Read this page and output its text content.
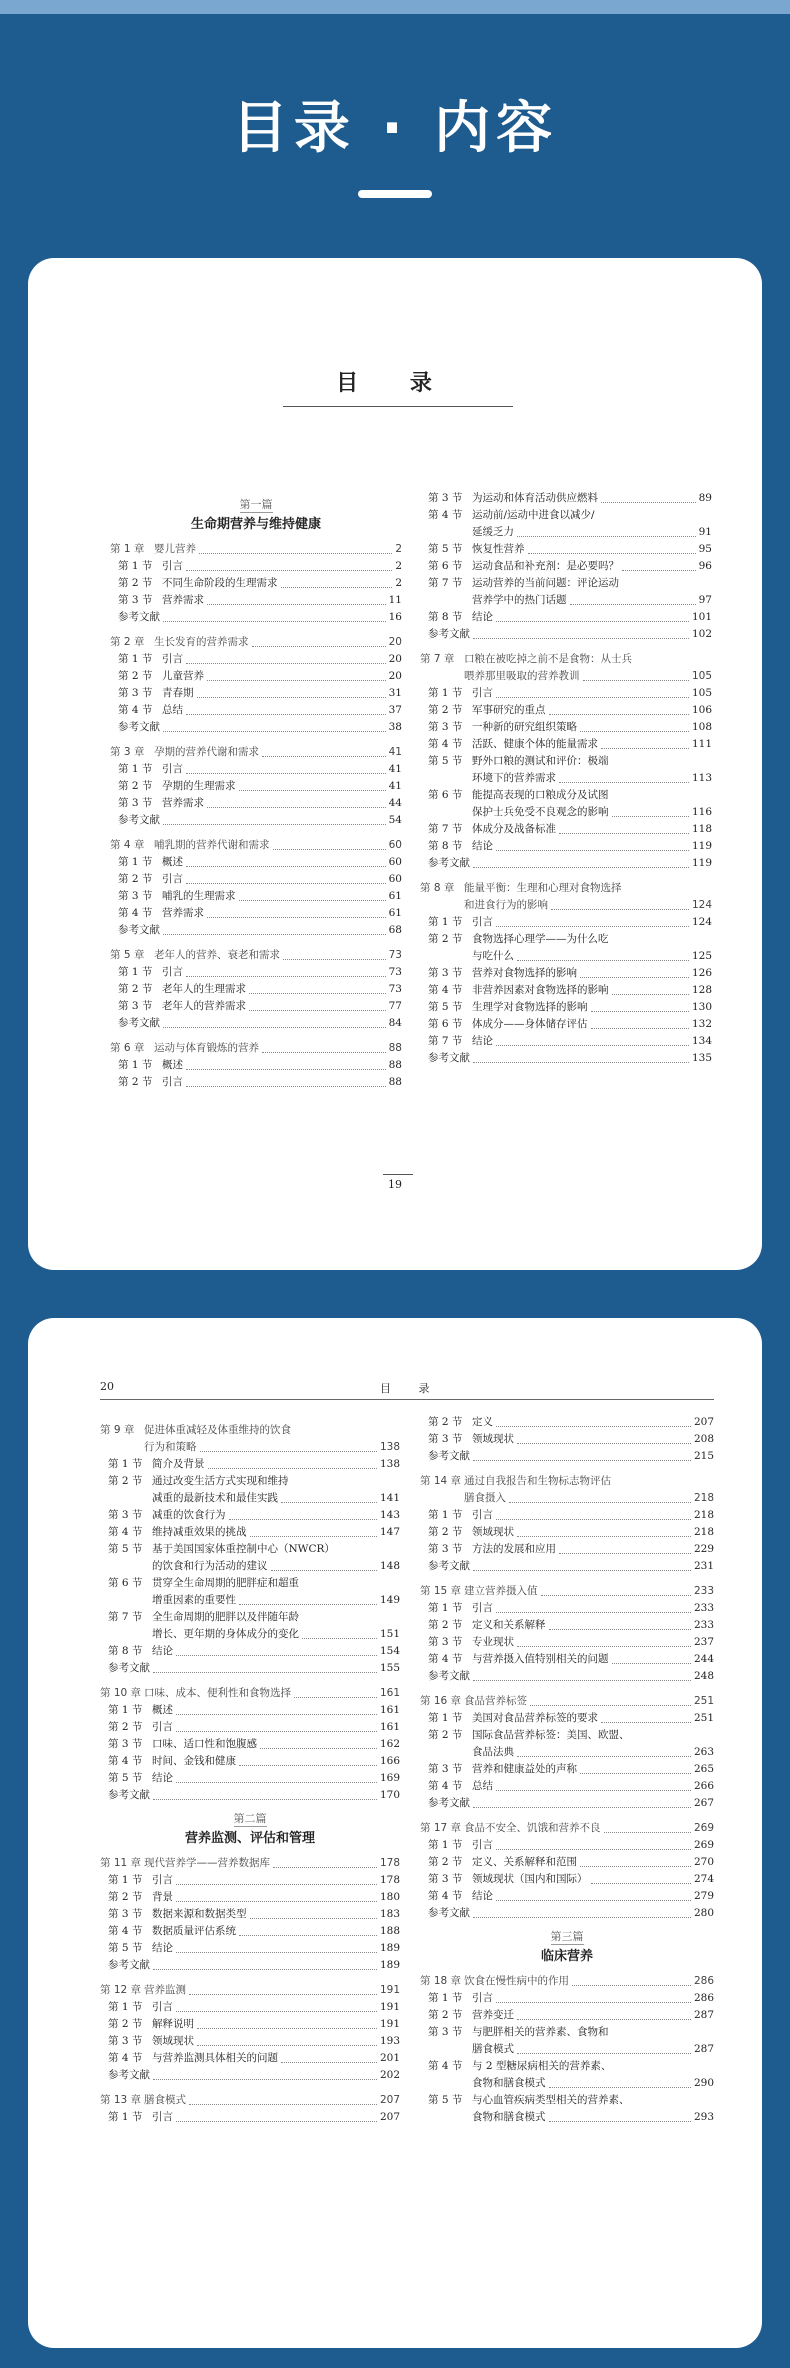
目录 · 内容
目 录
第一篇
生命期营养与维持健康
第 1 章 婴儿营养	2
第 1 节 引言	2
第 2 节 不同生命阶段的生理需求	2
第 3 节 营养需求	11
参考文献	16
第 2 章 生长发育的营养需求	20
第 1 节 引言	20
第 2 节 儿童营养	20
第 3 节 青春期	31
第 4 节 总结	37
参考文献	38
第 3 章 孕期的营养代谢和需求	41
第 1 节 引言	41
第 2 节 孕期的生理需求	41
第 3 节 营养需求	44
参考文献	54
第 4 章 哺乳期的营养代谢和需求	60
第 1 节 概述	60
第 2 节 引言	60
第 3 节 哺乳的生理需求	61
第 4 节 营养需求	61
参考文献	68
第 5 章 老年人的营养、衰老和需求	73
第 1 节 引言	73
第 2 节 老年人的生理需求	73
第 3 节 老年人的营养需求	77
参考文献	84
第 6 章 运动与体育锻炼的营养	88
第 1 节 概述	88
第 2 节 引言	88
第 3 节 为运动和体育活动供应燃料	89
第 4 节 运动前/运动中进食以减少/
延缓乏力	91
第 5 节 恢复性营养	95
第 6 节 运动食品和补充剂：是必要吗？	96
第 7 节 运动营养的当前问题：评论运动
营养学中的热门话题	97
第 8 节 结论	101
参考文献	102
第 7 章 口粮在被吃掉之前不是食物：从士兵
喂养那里吸取的营养教训	105
第 1 节 引言	105
第 2 节 军事研究的重点	106
第 3 节 一种新的研究组织策略	108
第 4 节 活跃、健康个体的能量需求	111
第 5 节 野外口粮的测试和评价：极端
环境下的营养需求	113
第 6 节 能提高表现的口粮成分及试图
保护士兵免受不良观念的影响	116
第 7 节 体成分及战备标准	118
第 8 节 结论	119
参考文献	119
第 8 章 能量平衡：生理和心理对食物选择
和进食行为的影响	124
第 1 节 引言	124
第 2 节 食物选择心理学——为什么吃
与吃什么	125
第 3 节 营养对食物选择的影响	126
第 4 节 非营养因素对食物选择的影响	128
第 5 节 生理学对食物选择的影响	130
第 6 节 体成分——身体储存评估	132
第 7 节 结论	134
参考文献	135
19
20	目 录
第 9 章 促进体重减轻及体重维持的饮食
行为和策略	138
第 1 节 简介及背景	138
第 2 节 通过改变生活方式实现和维持
减重的最新技术和最佳实践	141
第 3 节 减重的饮食行为	143
第 4 节 维持减重效果的挑战	147
第 5 节 基于美国国家体重控制中心（NWCR）
的饮食和行为活动的建议	148
第 6 节 贯穿全生命周期的肥胖症和超重
增重因素的重要性	149
第 7 节 全生命周期的肥胖以及伴随年龄
增长、更年期的身体成分的变化	151
第 8 节 结论	154
参考文献	155
第 10 章 口味、成本、便利性和食物选择	161
第 1 节 概述	161
第 2 节 引言	161
第 3 节 口味、适口性和饱腹感	162
第 4 节 时间、金钱和健康	166
第 5 节 结论	169
参考文献	170
第二篇
营养监测、评估和管理
第 11 章 现代营养学——营养数据库	178
第 1 节 引言	178
第 2 节 背景	180
第 3 节 数据来源和数据类型	183
第 4 节 数据质量评估系统	188
第 5 节 结论	189
参考文献	189
第 12 章 营养监测	191
第 1 节 引言	191
第 2 节 解释说明	191
第 3 节 领域现状	193
第 4 节 与营养监测具体相关的问题	201
参考文献	202
第 13 章 膳食模式	207
第 1 节 引言	207
第 2 节 定义	207
第 3 节 领域现状	208
参考文献	215
第 14 章 通过自我报告和生物标志物评估
膳食摄入	218
第 1 节 引言	218
第 2 节 领域现状	218
第 3 节 方法的发展和应用	229
参考文献	231
第 15 章 建立营养摄入值	233
第 1 节 引言	233
第 2 节 定义和关系解释	233
第 3 节 专业现状	237
第 4 节 与营养摄入值特别相关的问题	244
参考文献	248
第 16 章 食品营养标签	251
第 1 节 美国对食品营养标签的要求	251
第 2 节 国际食品营养标签：美国、欧盟、
食品法典	263
第 3 节 营养和健康益处的声称	265
第 4 节 总结	266
参考文献	267
第 17 章 食品不安全、饥饿和营养不良	269
第 1 节 引言	269
第 2 节 定义、关系解释和范围	270
第 3 节 领域现状（国内和国际）	274
第 4 节 结论	279
参考文献	280
第三篇
临床营养
第 18 章 饮食在慢性病中的作用	286
第 1 节 引言	286
第 2 节 营养变迁	287
第 3 节 与肥胖相关的营养素、食物和
膳食模式	287
第 4 节 与 2 型糖尿病相关的营养素、
食物和膳食模式	290
第 5 节 与心血管疾病类型相关的营养素、
食物和膳食模式	293
